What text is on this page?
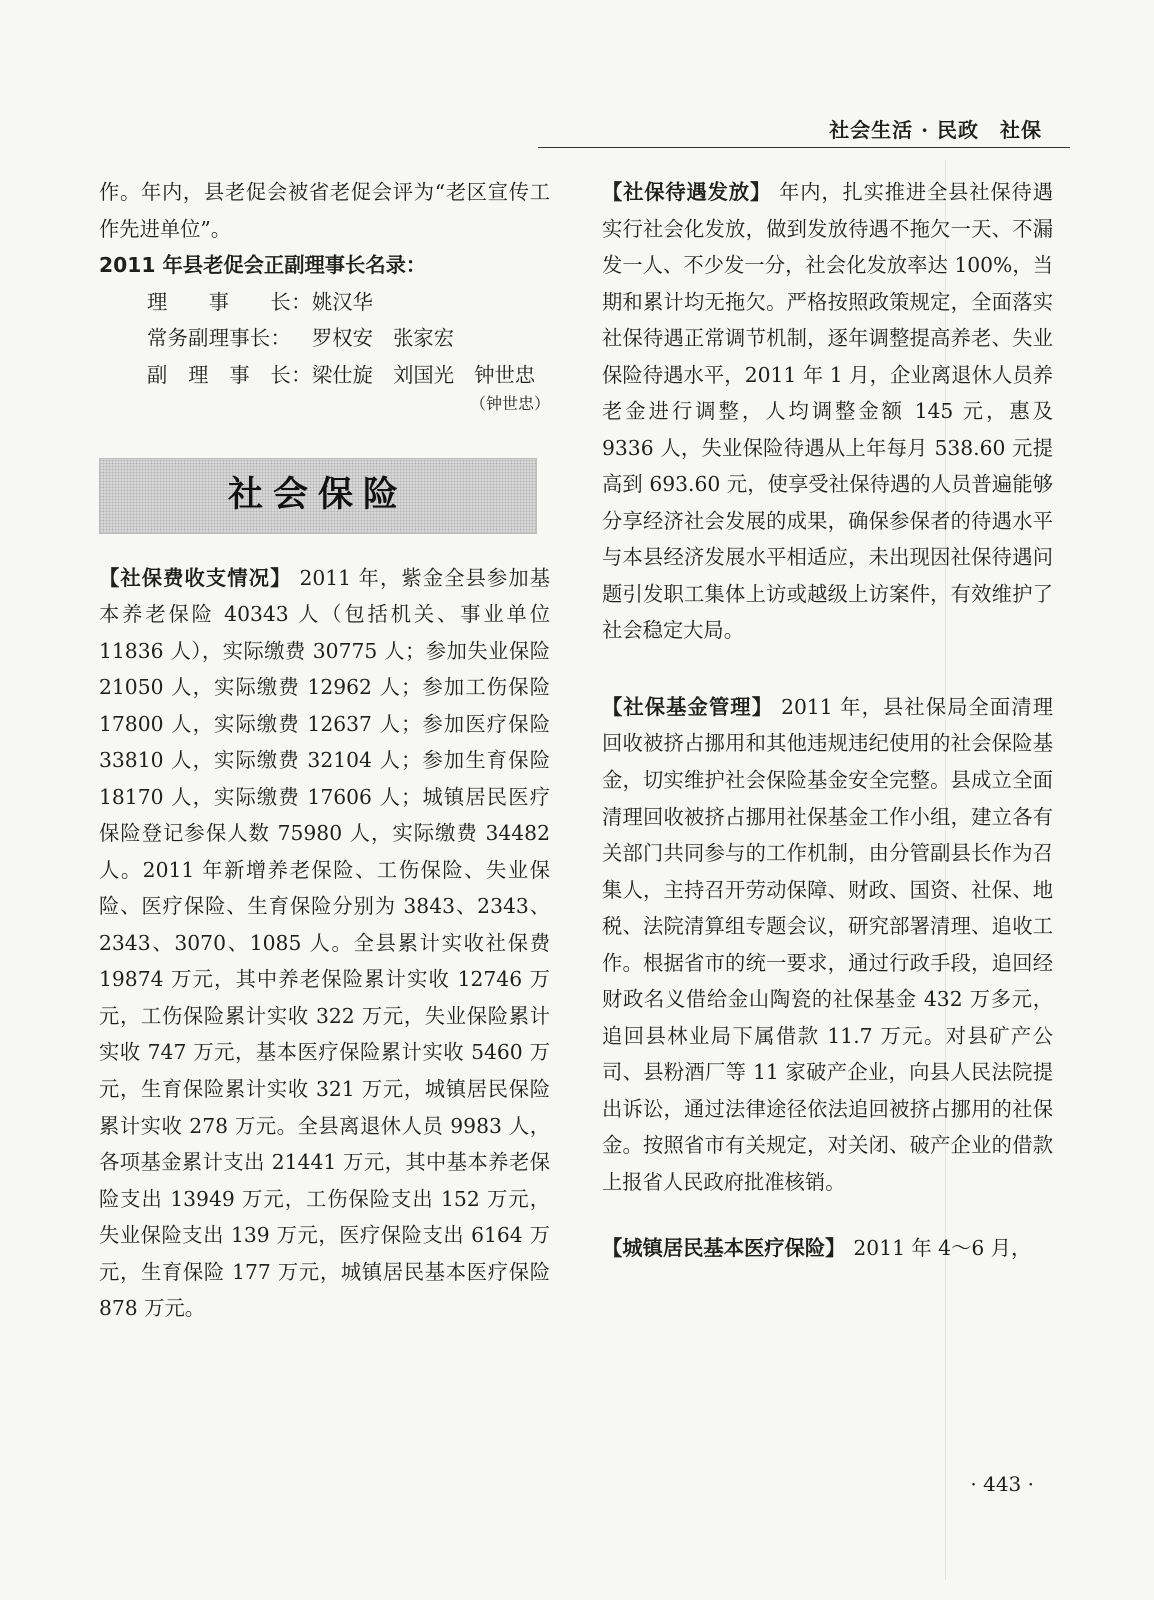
社会生活 · 民政　社保

作。年内，县老促会被省老促会评为“老区宣传工作先进单位”。

2011 年县老促会正副理事长名录：

理　　事　　长：姚汉华

常务副理事长： 罗权安　张家宏

副　理　事　长：梁仕旋　刘国光　钟世忠

（钟世忠）

社会保险

【社保费收支情况】 2011 年，紫金全县参加基本养老保险 40343 人（包括机关、事业单位 11836 人），实际缴费 30775 人；参加失业保险 21050 人，实际缴费 12962 人；参加工伤保险 17800 人，实际缴费 12637 人；参加医疗保险 33810 人，实际缴费 32104 人；参加生育保险 18170 人，实际缴费 17606 人；城镇居民医疗保险登记参保人数 75980 人，实际缴费 34482 人。2011 年新增养老保险、工伤保险、失业保险、医疗保险、生育保险分别为 3843、2343、2343、3070、1085 人。全县累计实收社保费 19874 万元，其中养老保险累计实收 12746 万元，工伤保险累计实收 322 万元，失业保险累计实收 747 万元，基本医疗保险累计实收 5460 万元，生育保险累计实收 321 万元，城镇居民保险累计实收 278 万元。全县离退休人员 9983 人，各项基金累计支出 21441 万元，其中基本养老保险支出 13949 万元，工伤保险支出 152 万元，失业保险支出 139 万元，医疗保险支出 6164 万元，生育保险 177 万元，城镇居民基本医疗保险 878 万元。

【社保待遇发放】 年内，扎实推进全县社保待遇实行社会化发放，做到发放待遇不拖欠一天、不漏发一人、不少发一分，社会化发放率达 100%，当期和累计均无拖欠。严格按照政策规定，全面落实社保待遇正常调节机制，逐年调整提高养老、失业保险待遇水平，2011 年 1 月，企业离退休人员养老金进行调整，人均调整金额 145 元，惠及 9336 人，失业保险待遇从上年每月 538.60 元提高到 693.60 元，使享受社保待遇的人员普遍能够分享经济社会发展的成果，确保参保者的待遇水平与本县经济发展水平相适应，未出现因社保待遇问题引发职工集体上访或越级上访案件，有效维护了社会稳定大局。

【社保基金管理】 2011 年，县社保局全面清理回收被挤占挪用和其他违规违纪使用的社会保险基金，切实维护社会保险基金安全完整。县成立全面清理回收被挤占挪用社保基金工作小组，建立各有关部门共同参与的工作机制，由分管副县长作为召集人，主持召开劳动保障、财政、国资、社保、地税、法院清算组专题会议，研究部署清理、追收工作。根据省市的统一要求，通过行政手段，追回经财政名义借给金山陶瓷的社保基金 432 万多元，追回县林业局下属借款 11.7 万元。对县矿产公司、县粉酒厂等 11 家破产企业，向县人民法院提出诉讼，通过法律途径依法追回被挤占挪用的社保金。按照省市有关规定，对关闭、破产企业的借款上报省人民政府批准核销。

【城镇居民基本医疗保险】 2011 年 4～6 月，

· 443 ·
